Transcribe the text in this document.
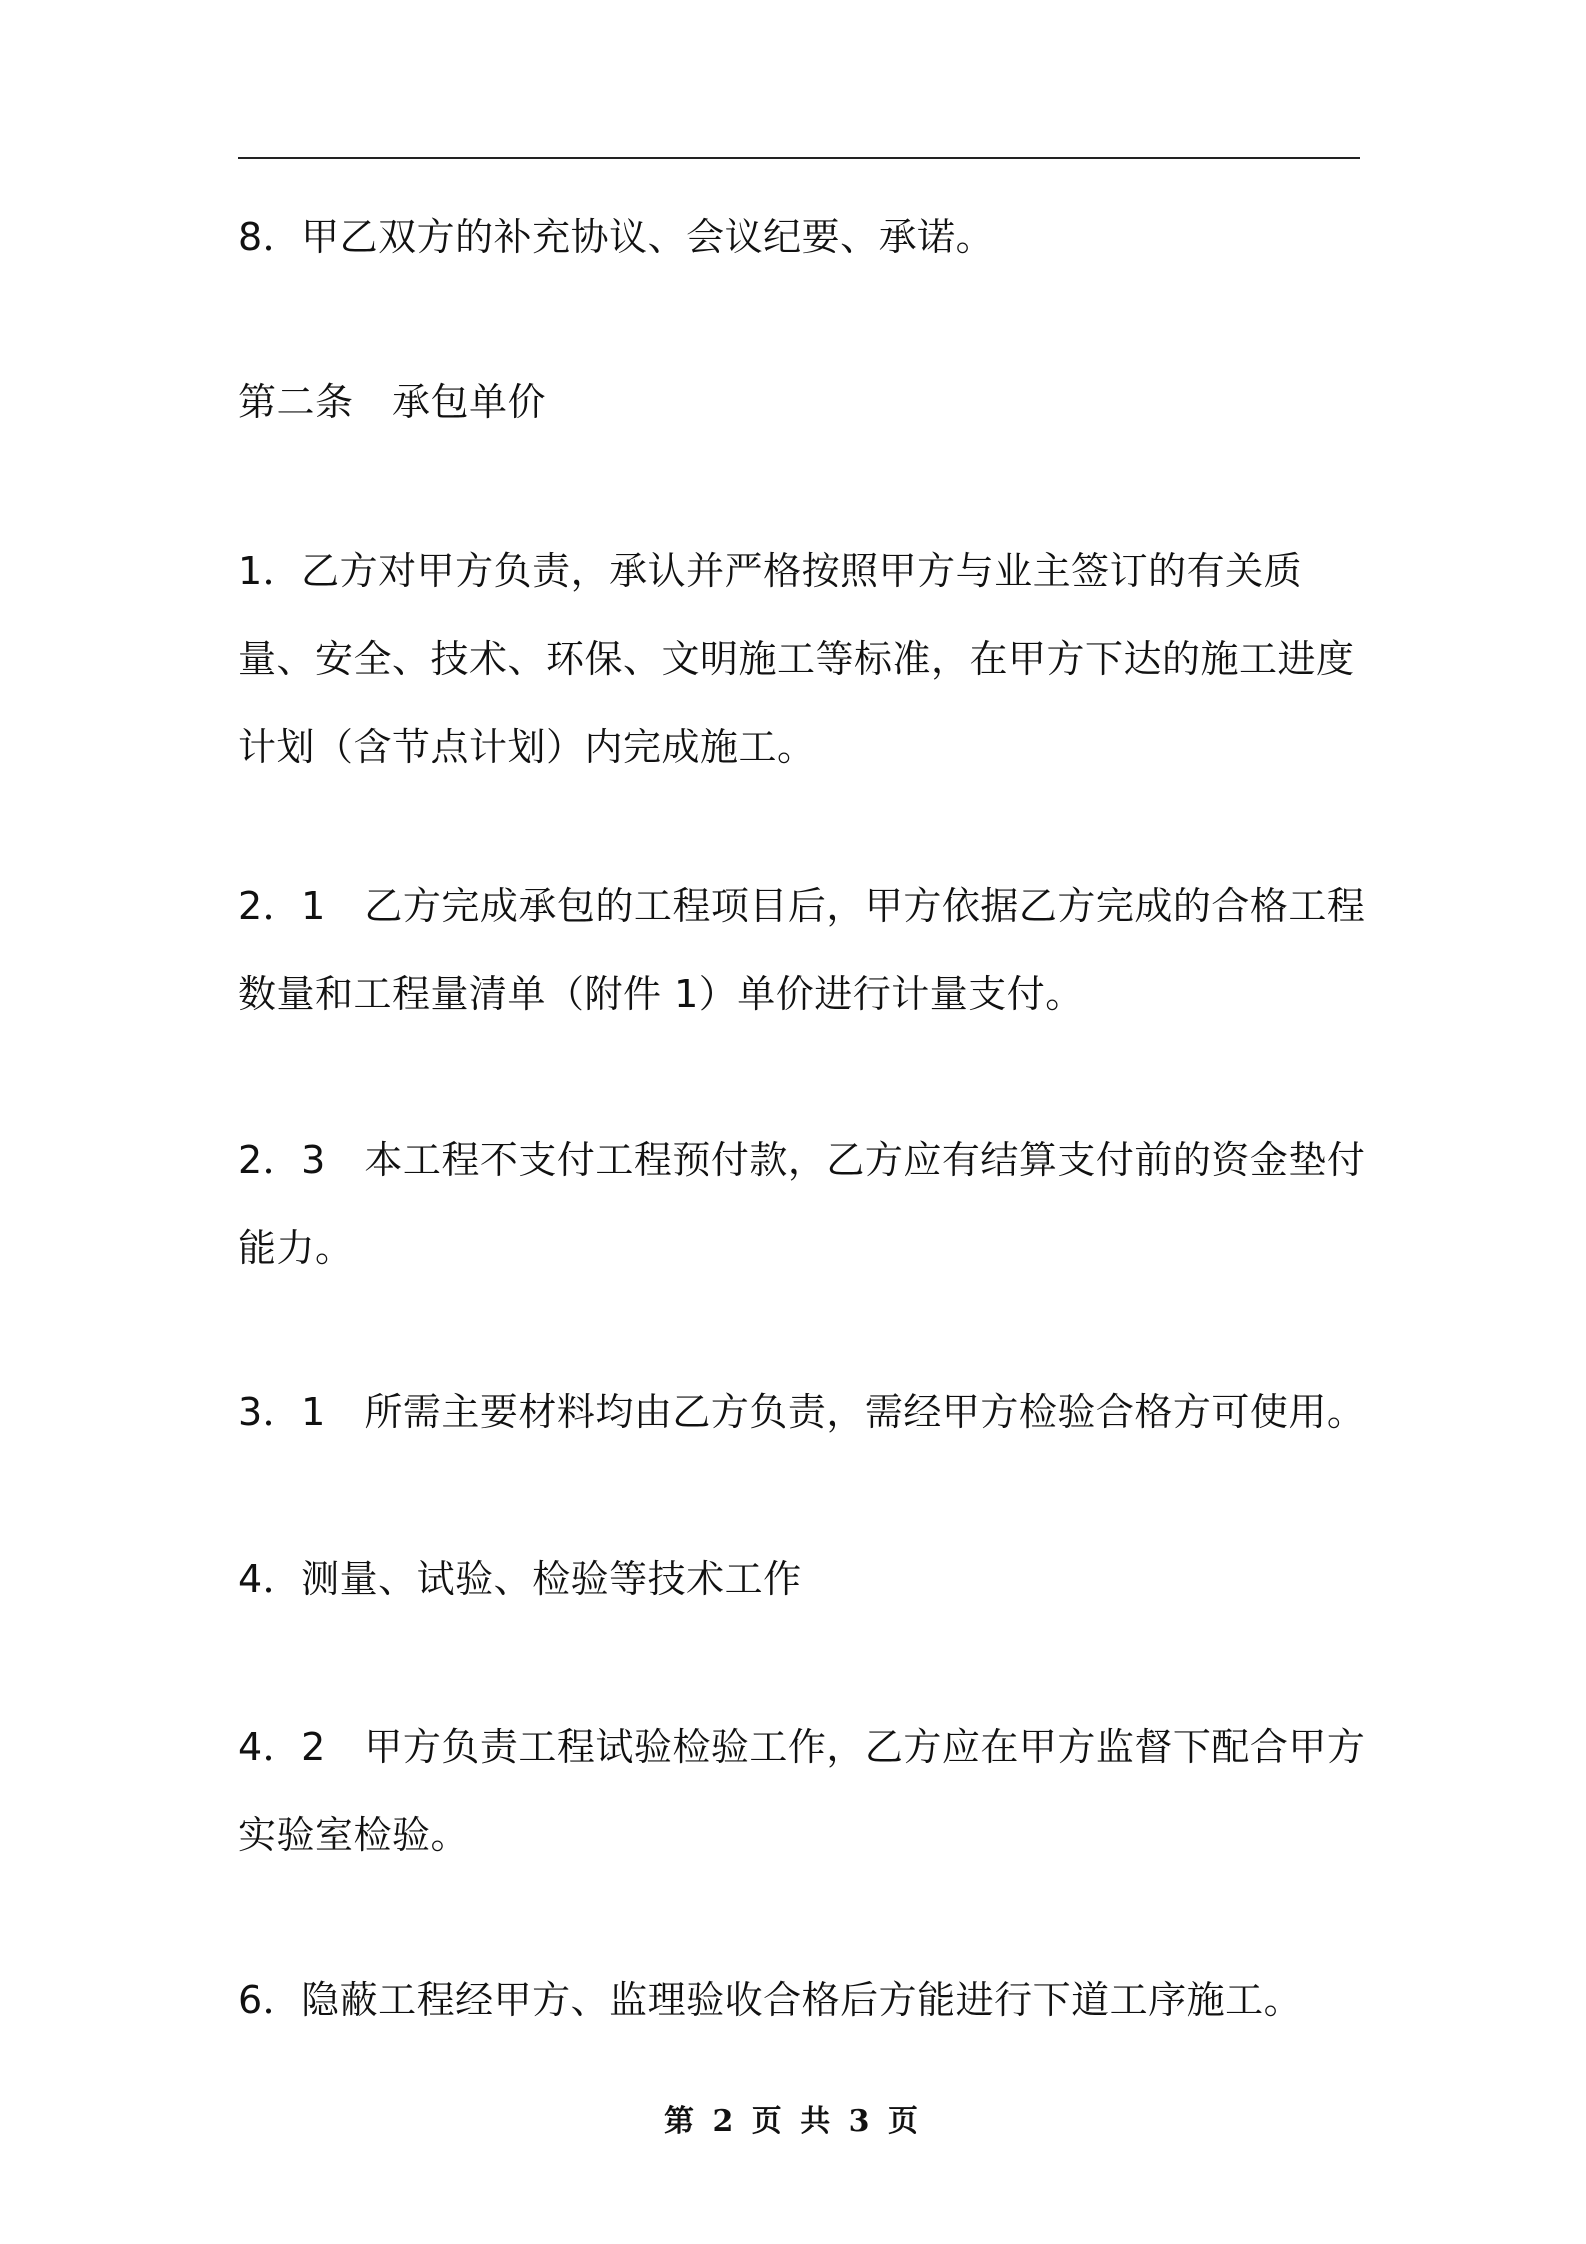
8．甲乙双方的补充协议、会议纪要、承诺。

第二条　承包单价

1．乙方对甲方负责，承认并严格按照甲方与业主签订的有关质量、安全、技术、环保、文明施工等标准，在甲方下达的施工进度计划（含节点计划）内完成施工。

2．1　乙方完成承包的工程项目后，甲方依据乙方完成的合格工程数量和工程量清单（附件 1）单价进行计量支付。

2．3　本工程不支付工程预付款，乙方应有结算支付前的资金垫付能力。

3．1　所需主要材料均由乙方负责，需经甲方检验合格方可使用。

4．测量、试验、检验等技术工作

4．2　甲方负责工程试验检验工作，乙方应在甲方监督下配合甲方实验室检验。

6．隐蔽工程经甲方、监理验收合格后方能进行下道工序施工。

第 2 页 共 3 页
